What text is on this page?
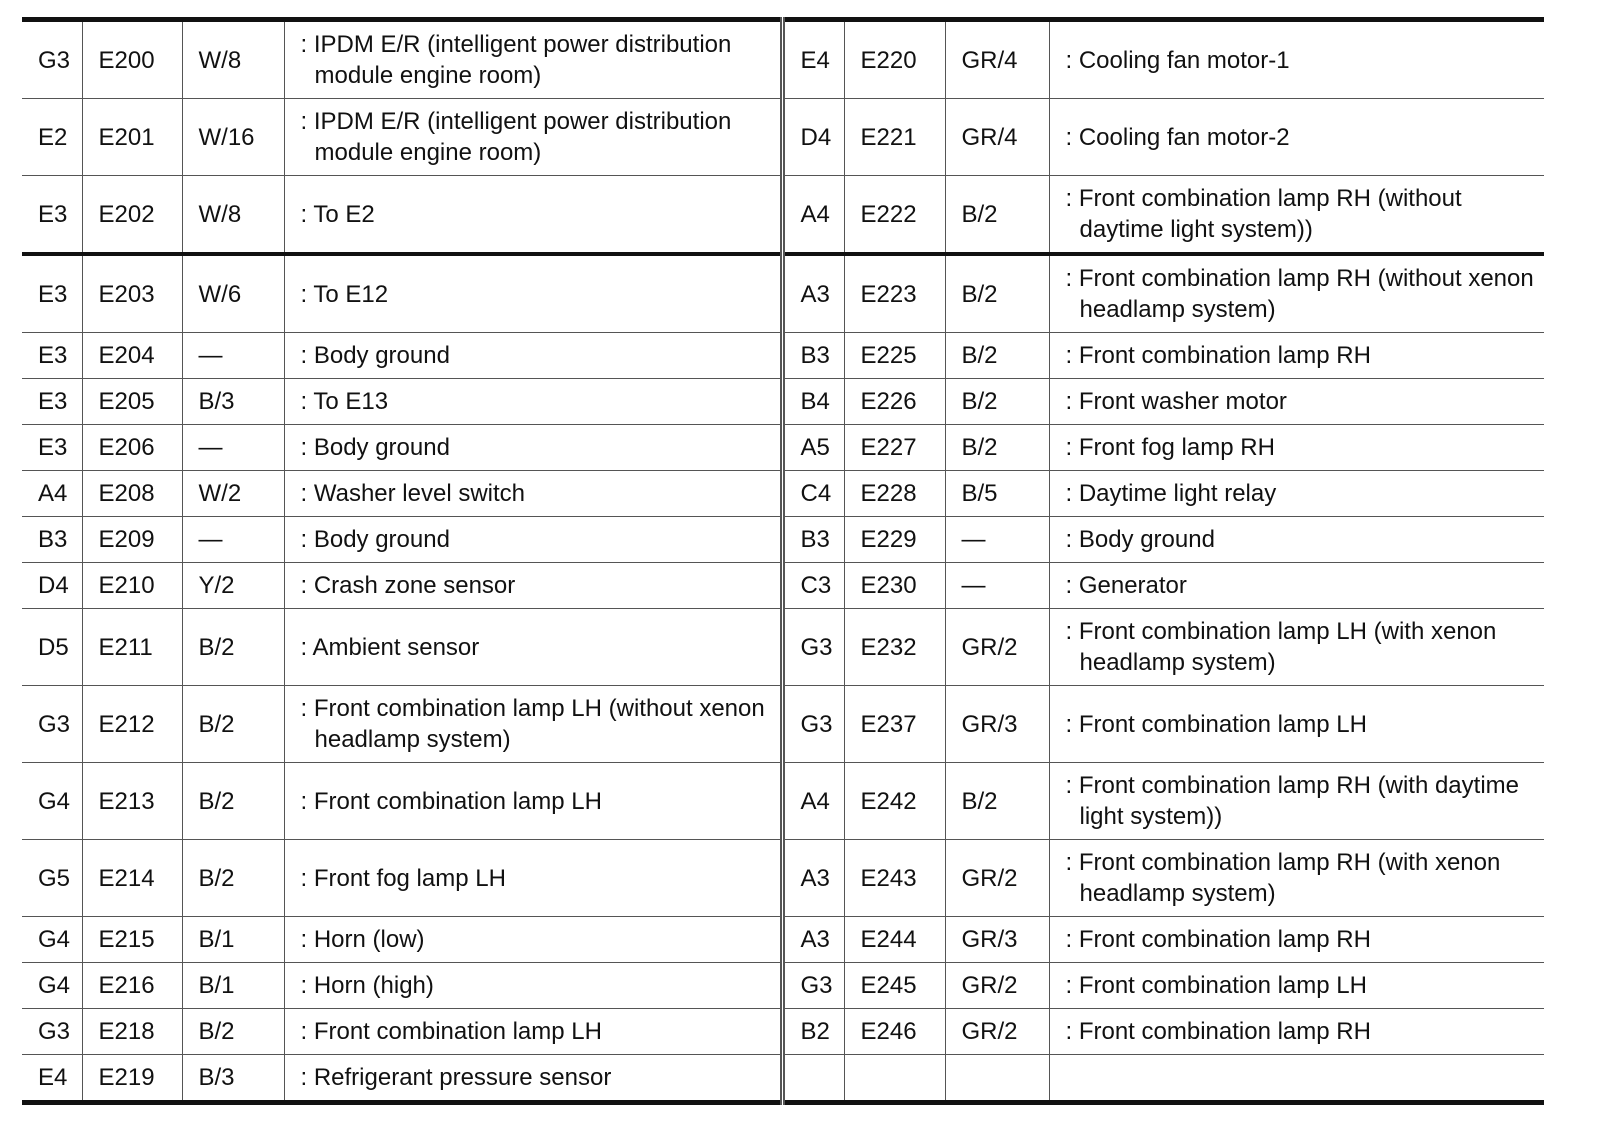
G3	E200	W/8	: IPDM E/R (intelligent power distribution module engine room)	E4	E220	GR/4	: Cooling fan motor-1

E2	E201	W/16	: IPDM E/R (intelligent power distribution module engine room)	D4	E221	GR/4	: Cooling fan motor-2

E3	E202	W/8	: To E2	A4	E222	B/2	: Front combination lamp RH (without daytime light system))

E3	E203	W/6	: To E12	A3	E223	B/2	: Front combination lamp RH (without xenon headlamp system)

E3	E204	—	: Body ground	B3	E225	B/2	: Front combination lamp RH

E3	E205	B/3	: To E13	B4	E226	B/2	: Front washer motor

E3	E206	—	: Body ground	A5	E227	B/2	: Front fog lamp RH

A4	E208	W/2	: Washer level switch	C4	E228	B/5	: Daytime light relay

B3	E209	—	: Body ground	B3	E229	—	: Body ground

D4	E210	Y/2	: Crash zone sensor	C3	E230	—	: Generator

D5	E211	B/2	: Ambient sensor	G3	E232	GR/2	: Front combination lamp LH (with xenon headlamp system)

G3	E212	B/2	: Front combination lamp LH (without xenon headlamp system)	G3	E237	GR/3	: Front combination lamp LH

G4	E213	B/2	: Front combination lamp LH	A4	E242	B/2	: Front combination lamp RH (with daytime light system))

G5	E214	B/2	: Front fog lamp LH	A3	E243	GR/2	: Front combination lamp RH (with xenon headlamp system)

G4	E215	B/1	: Horn (low)	A3	E244	GR/3	: Front combination lamp RH

G4	E216	B/1	: Horn (high)	G3	E245	GR/2	: Front combination lamp LH

G3	E218	B/2	: Front combination lamp LH	B2	E246	GR/2	: Front combination lamp RH

E4	E219	B/3	: Refrigerant pressure sensor				
